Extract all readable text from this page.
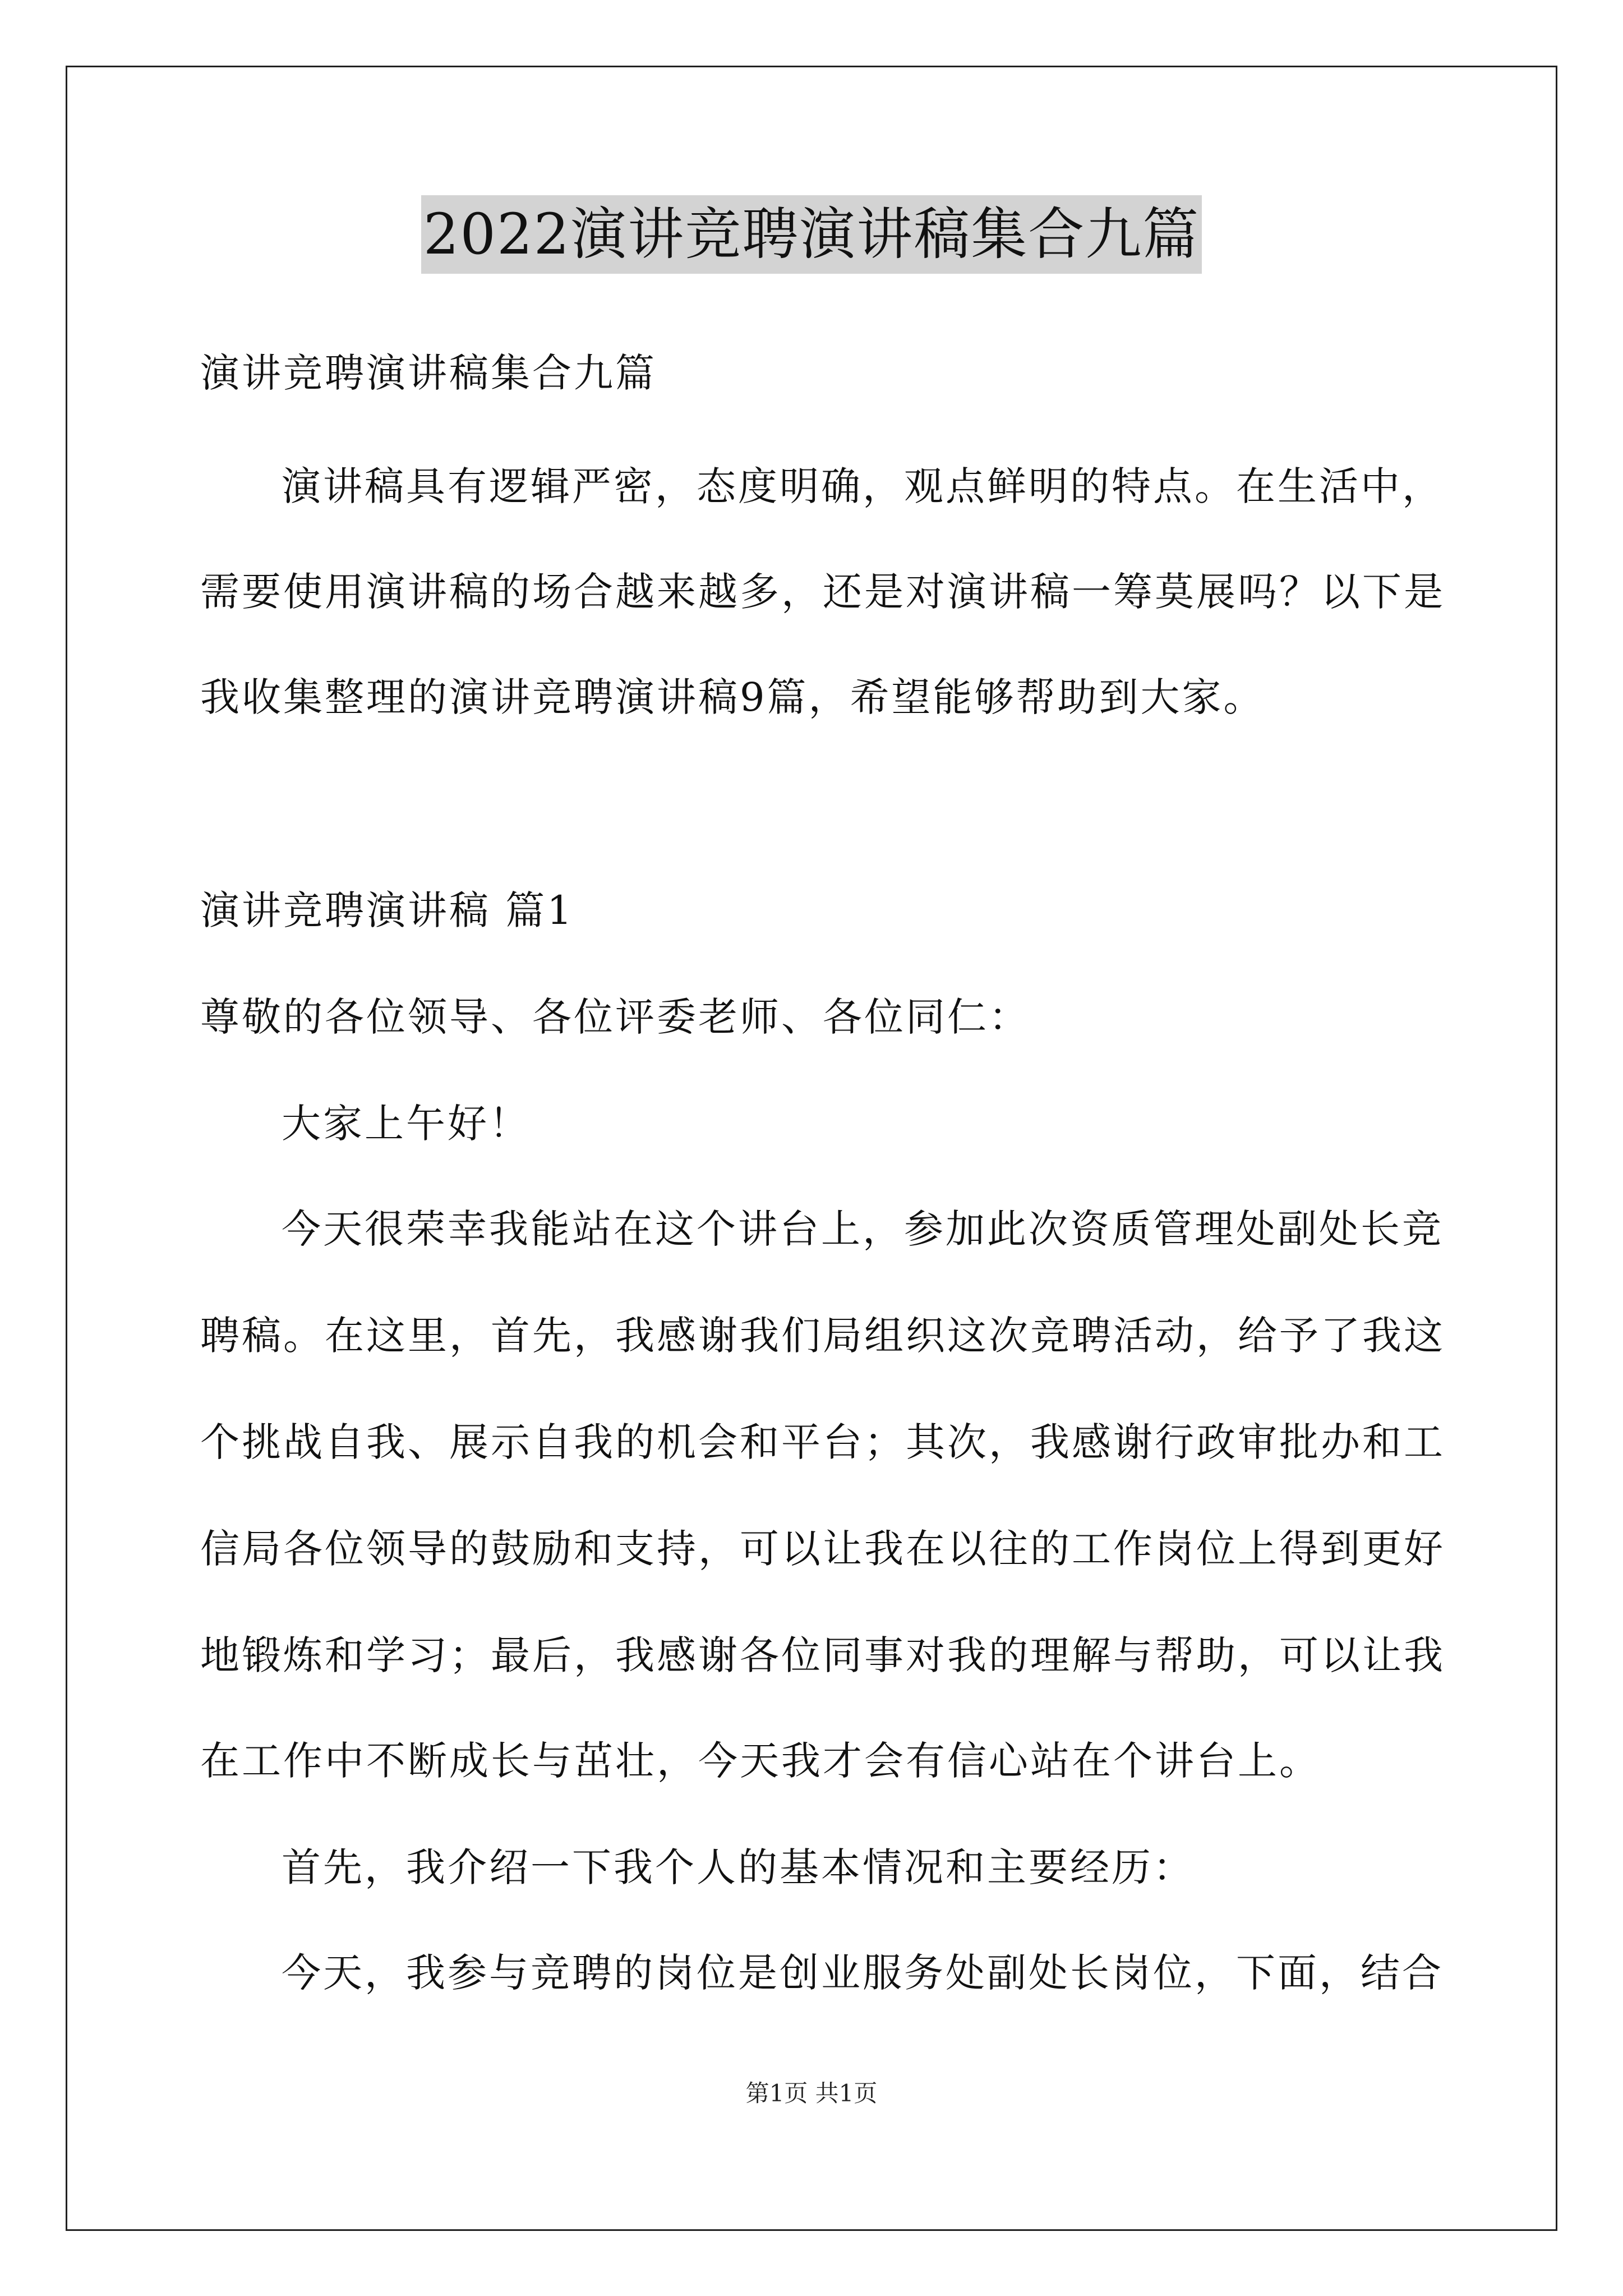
2022演讲竞聘演讲稿集合九篇
演讲竞聘演讲稿集合九篇
演讲稿具有逻辑严密，态度明确，观点鲜明的特点。在生活中，
需要使用演讲稿的场合越来越多，还是对演讲稿一筹莫展吗？以下是
我收集整理的演讲竞聘演讲稿9篇，希望能够帮助到大家。
演讲竞聘演讲稿 篇1
尊敬的各位领导、各位评委老师、各位同仁：
大家上午好！
今天很荣幸我能站在这个讲台上，参加此次资质管理处副处长竞
聘稿。在这里，首先，我感谢我们局组织这次竞聘活动，给予了我这
个挑战自我、展示自我的机会和平台；其次，我感谢行政审批办和工
信局各位领导的鼓励和支持，可以让我在以往的工作岗位上得到更好
地锻炼和学习；最后，我感谢各位同事对我的理解与帮助，可以让我
在工作中不断成长与茁壮，今天我才会有信心站在个讲台上。
首先，我介绍一下我个人的基本情况和主要经历：
今天，我参与竞聘的岗位是创业服务处副处长岗位，下面，结合
第1页 共1页
